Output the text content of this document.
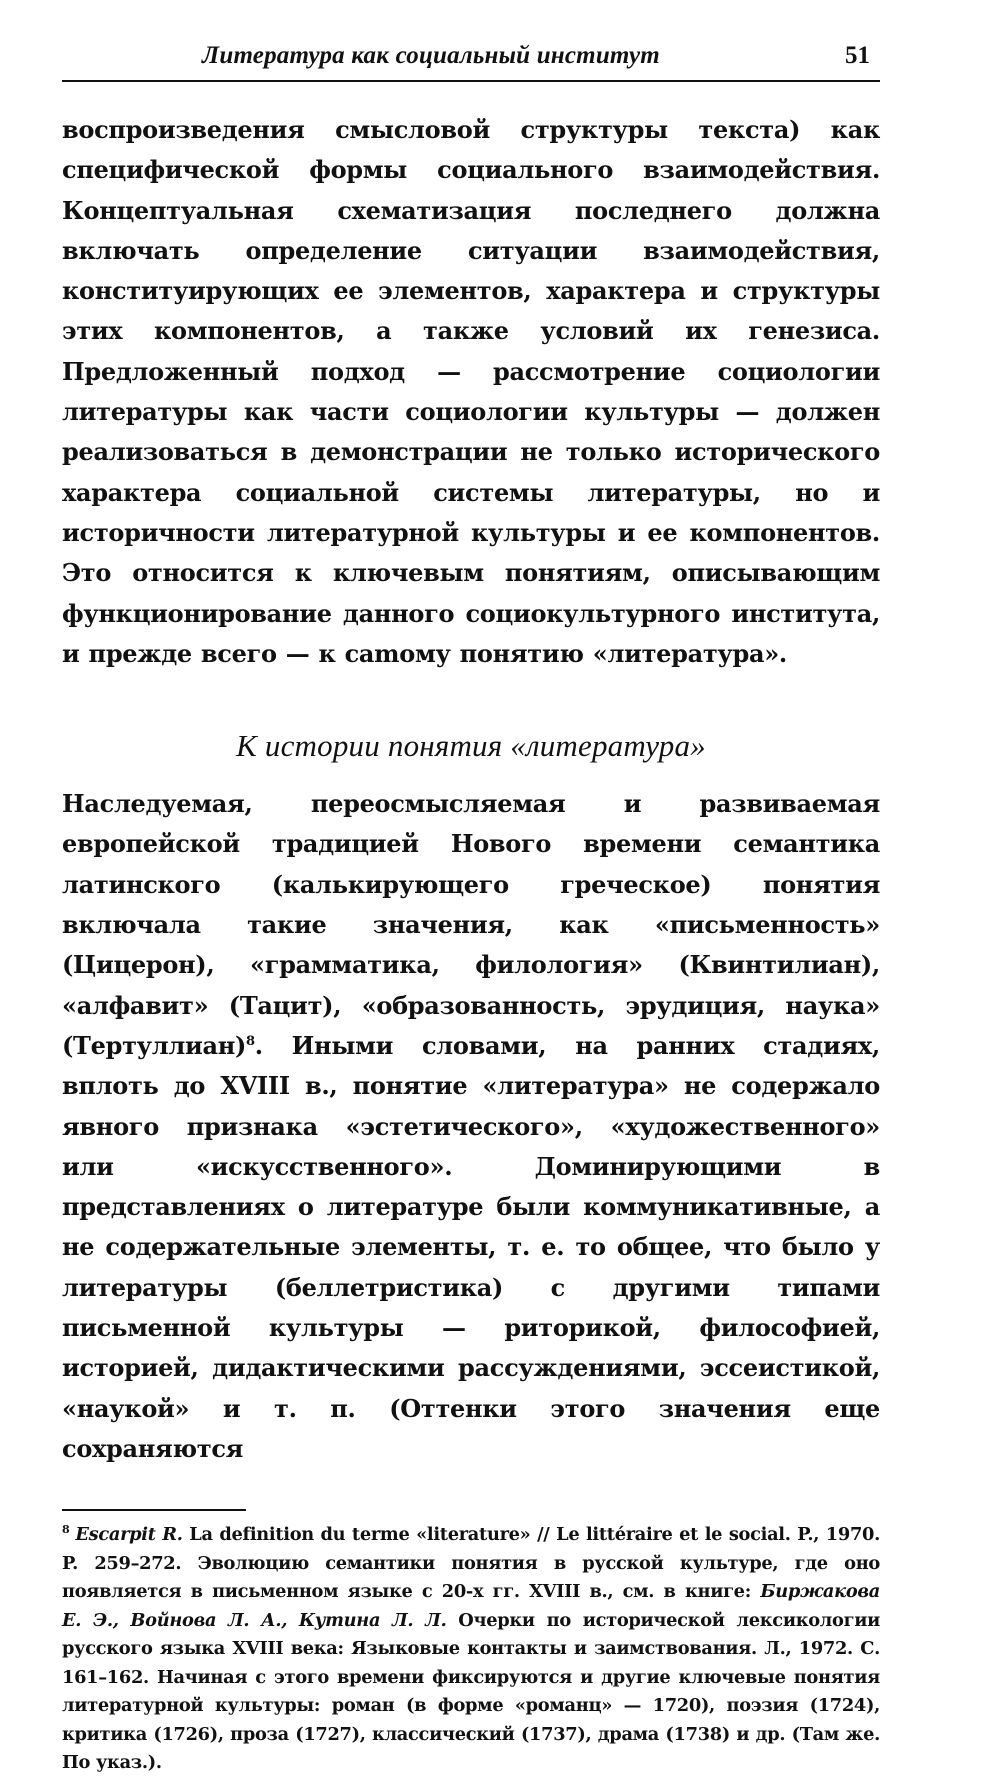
Литература как социальный институт	51

воспроизведения смысловой структуры текста) как специфической формы социального взаимодействия. Концептуальная схематизация последнего должна включать определение ситуации взаимодействия, конституирующих ее элементов, характера и структуры этих компонентов, а также условий их генезиса. Предложенный подход — рассмотрение социологии литературы как части социологии культуры — должен реализоваться в демонстрации не только исторического характера социальной системы литературы, но и историчности литературной культуры и ее компонентов. Это относится к ключевым понятиям, описывающим функционирование данного социокультурного института, и прежде всего — к саmому понятию «литература».

К истории понятия «литература»

Наследуемая, переосмысляемая и развиваемая европейской традицией Нового времени семантика латинского (калькирующего греческое) понятия включала такие значения, как «письменность» (Цицерон), «грамматика, филология» (Квинтилиан), «алфавит» (Тацит), «образованность, эрудиция, наука» (Тертуллиан)$^8$. Иными словами, на ранних стадиях, вплоть до XVIII в., понятие «литература» не содержало явного признака «эстетического», «художественного» или «искусственного». Доминирующими в представлениях о литературе были коммуникативные, а не содержательные элементы, т. е. то общее, что было у литературы (беллетристика) с другими типами письменной культуры — риторикой, философией, историей, дидактическими рассуждениями, эссеистикой, «наукой» и т. п. (Оттенки этого значения еще сохраняются

$^8$ Escarpit R. La definition du terme «literature» // Le littéraire et le social. P., 1970. P. 259–272. Эволюцию семантики понятия в русской культуре, где оно появляется в письменном языке с 20-х гг. XVIII в., см. в книге: Биржакова Е. Э., Войнова Л. А., Кутина Л. Л. Очерки по исторической лексикологии русского языка XVIII века: Языковые контакты и заимствования. Л., 1972. С. 161–162. Начиная с этого времени фиксируются и другие ключевые понятия литературной культуры: роман (в форме «романц» — 1720), поэзия (1724), критика (1726), проза (1727), классический (1737), драма (1738) и др. (Там же. По указ.).
